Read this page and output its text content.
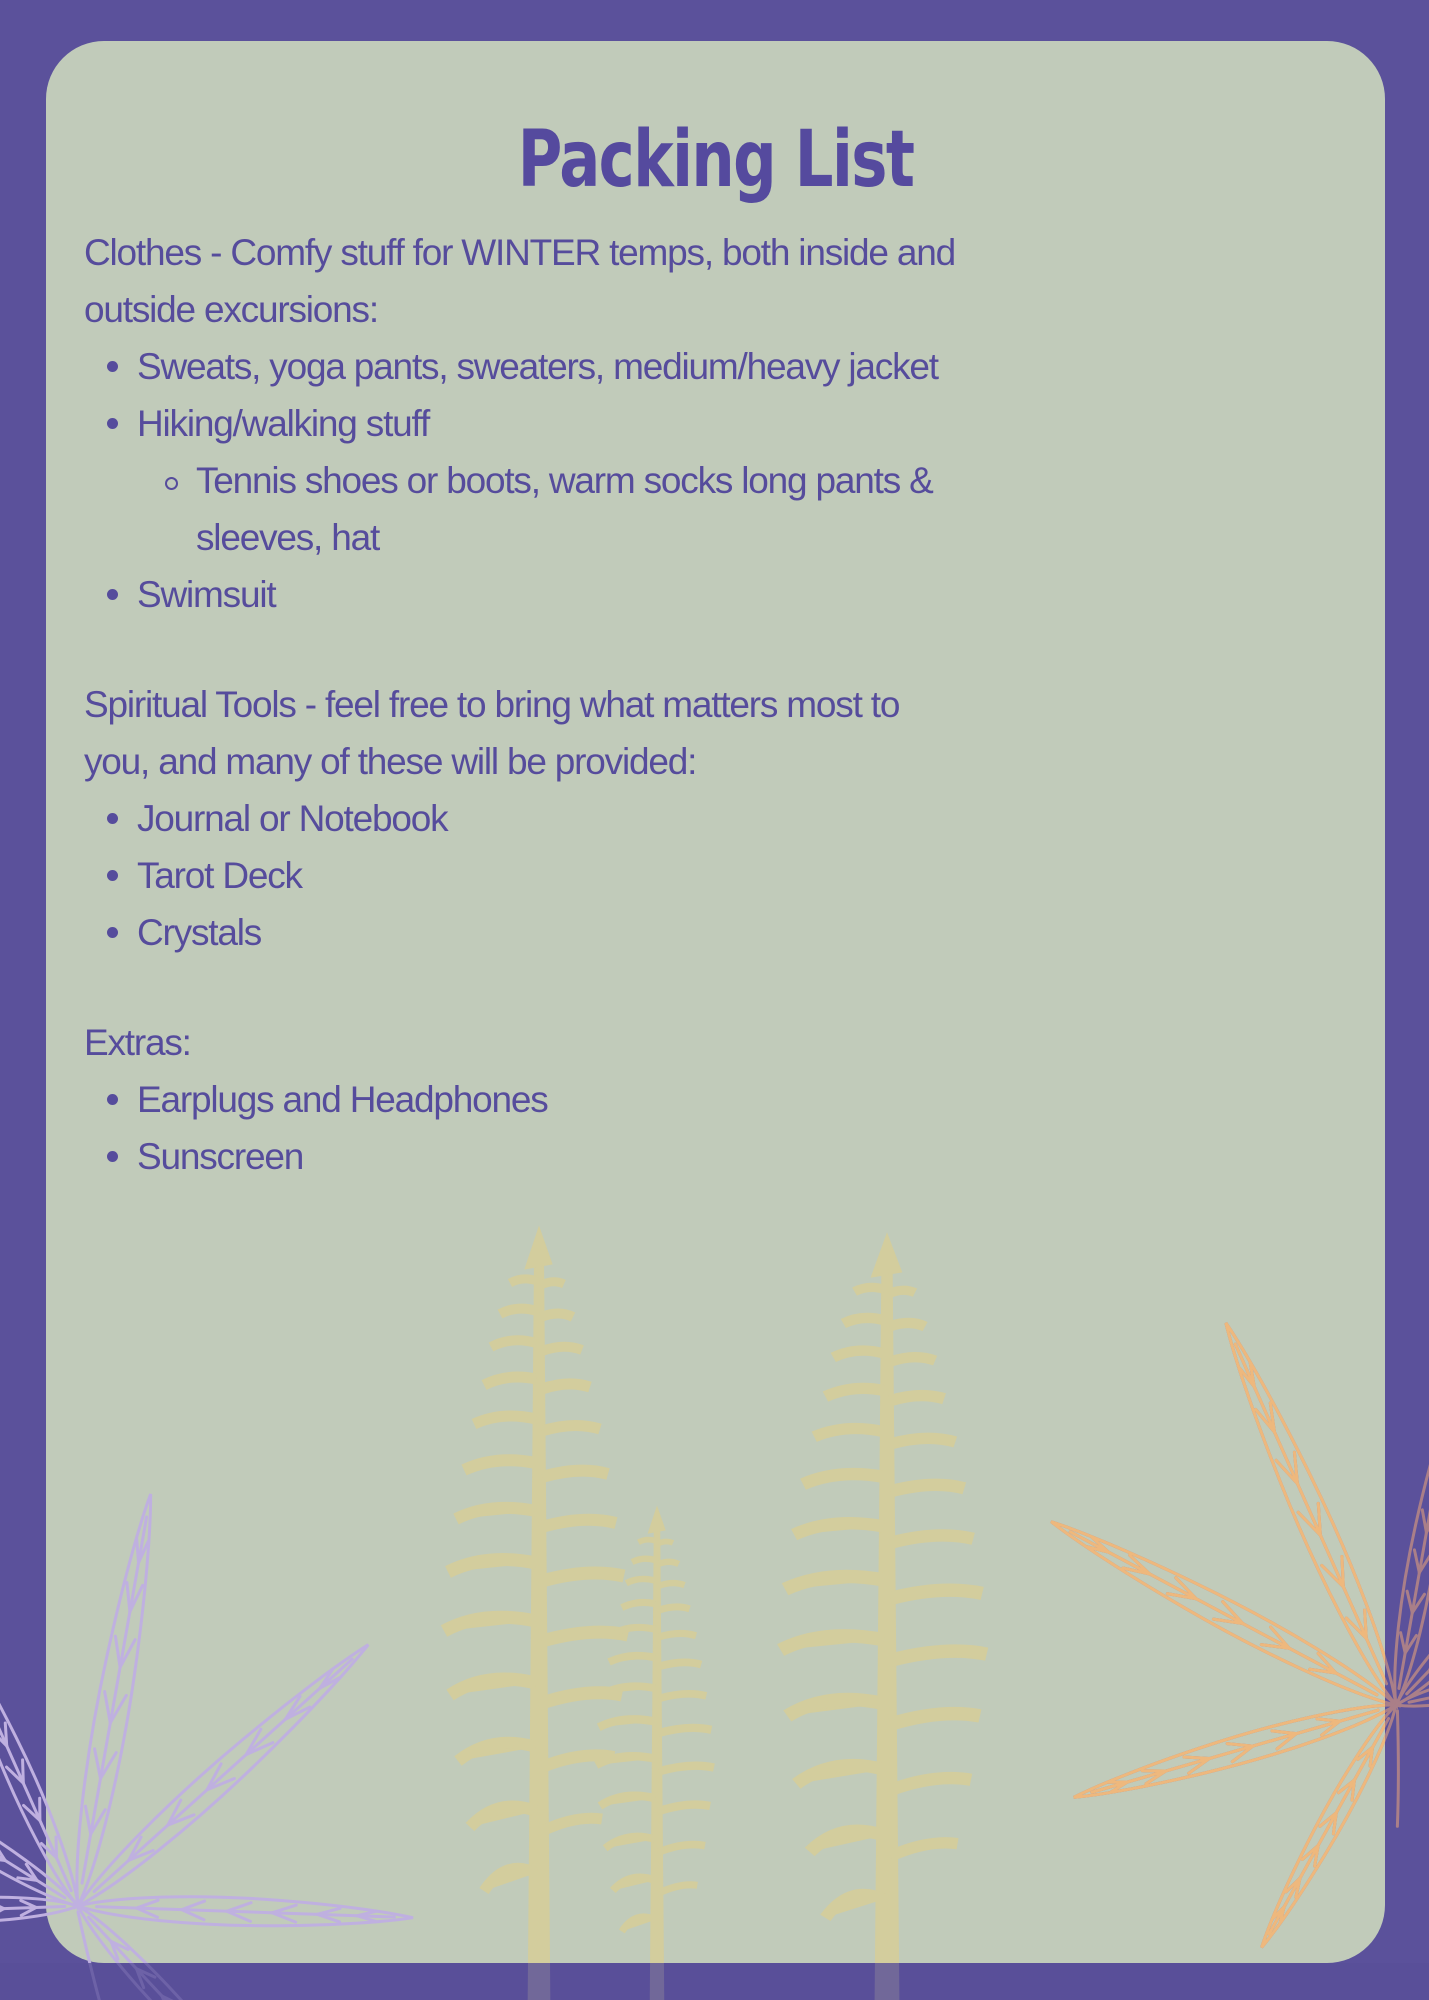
Packing List
Clothes - Comfy stuff for WINTER temps, both inside and
outside excursions:
Sweats, yoga pants, sweaters, medium/heavy jacket
Hiking/walking stuff
Tennis shoes or boots, warm socks long pants &
sleeves, hat
Swimsuit
Spiritual Tools - feel free to bring what matters most to
you, and many of these will be provided:
Journal or Notebook
Tarot Deck
Crystals
Extras:
Earplugs and Headphones
Sunscreen
